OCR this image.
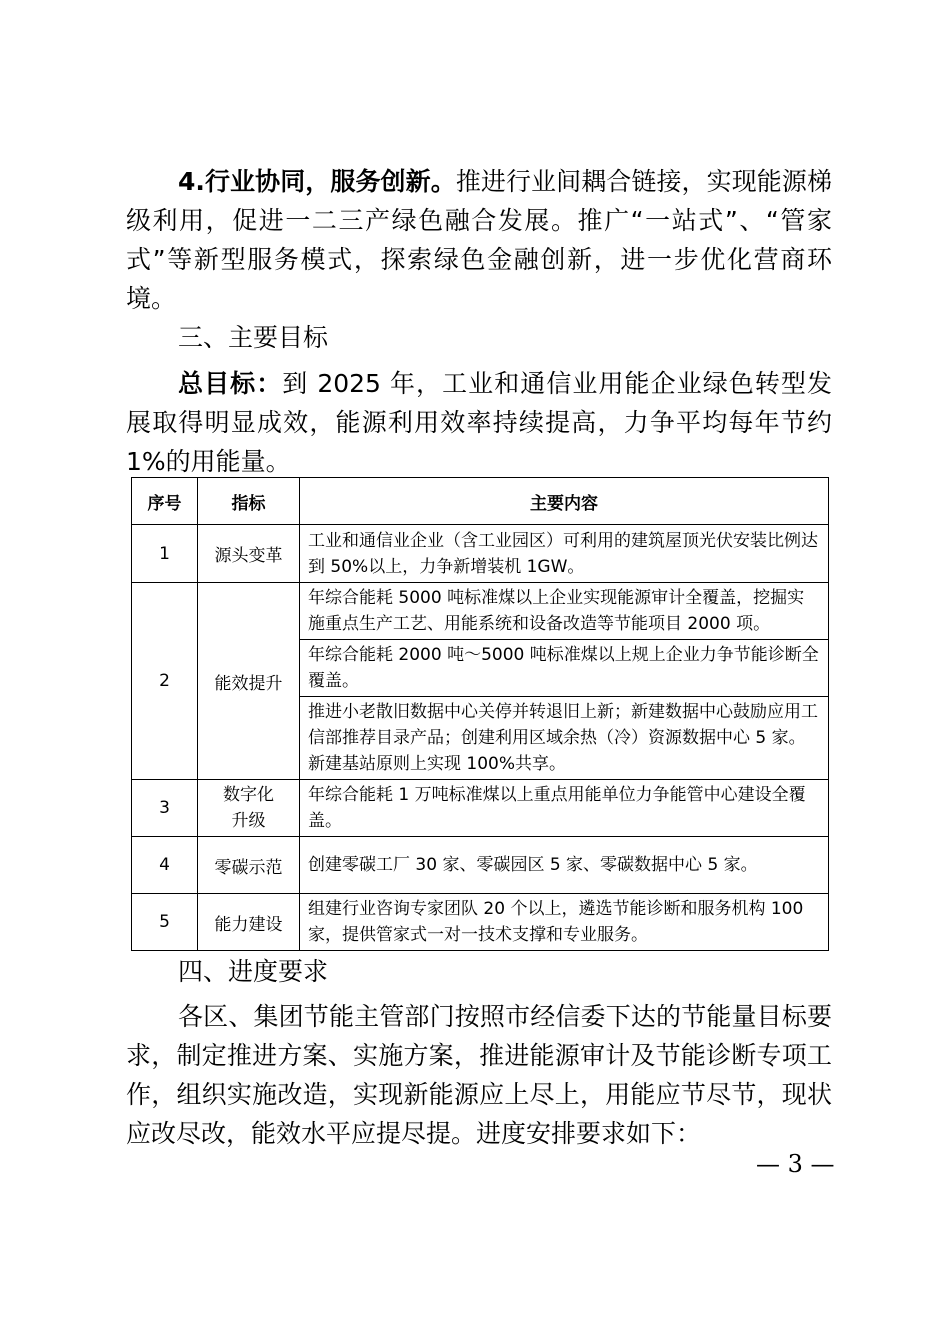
4.行业协同，服务创新。推进行业间耦合链接，实现能源梯级利用，促进一二三产绿色融合发展。推广“一站式”、“管家式”等新型服务模式，探索绿色金融创新，进一步优化营商环境。
三、主要目标
总目标：到 2025 年，工业和通信业用能企业绿色转型发展取得明显成效，能源利用效率持续提高，力争平均每年节约 1%的用能量。
序号	指标	主要内容
1	源头变革	工业和通信业企业（含工业园区）可利用的建筑屋顶光伏安装比例达到 50%以上，力争新增装机 1GW。
2	能效提升	年综合能耗 5000 吨标准煤以上企业实现能源审计全覆盖，挖掘实施重点生产工艺、用能系统和设备改造等节能项目 2000 项。
		年综合能耗 2000 吨～5000 吨标准煤以上规上企业力争节能诊断全覆盖。
		推进小老散旧数据中心关停并转退旧上新；新建数据中心鼓励应用工信部推荐目录产品；创建利用区域余热（冷）资源数据中心 5 家。新建基站原则上实现 100%共享。
3	数字化升级	年综合能耗 1 万吨标准煤以上重点用能单位力争能管中心建设全覆盖。
4	零碳示范	创建零碳工厂 30 家、零碳园区 5 家、零碳数据中心 5 家。
5	能力建设	组建行业咨询专家团队 20 个以上，遴选节能诊断和服务机构 100 家，提供管家式一对一技术支撑和专业服务。
四、进度要求
各区、集团节能主管部门按照市经信委下达的节能量目标要求，制定推进方案、实施方案，推进能源审计及节能诊断专项工作，组织实施改造，实现新能源应上尽上，用能应节尽节，现状应改尽改，能效水平应提尽提。进度安排要求如下：
— 3 —
